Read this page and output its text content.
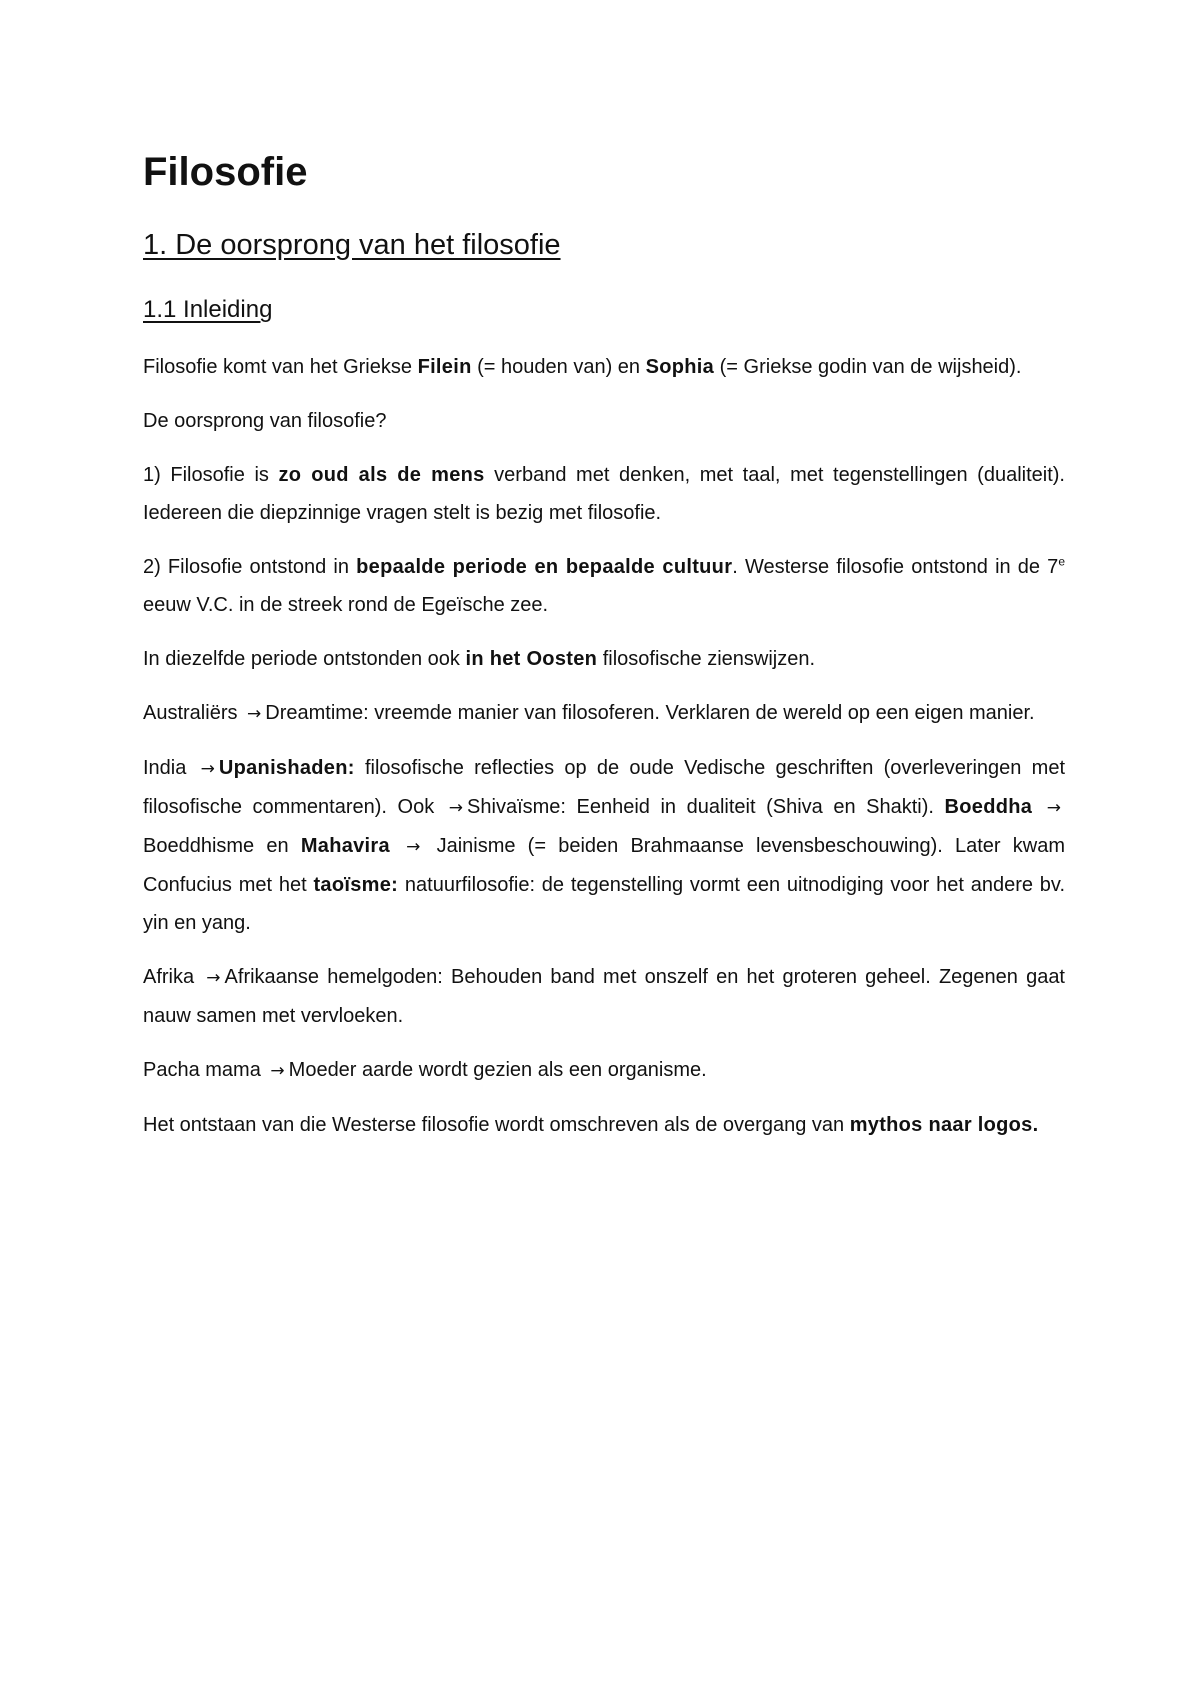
Filosofie
1. De oorsprong van het filosofie
1.1 Inleiding

Filosofie komt van het Griekse Filein (= houden van) en Sophia (= Griekse godin van de wijsheid).

De oorsprong van filosofie?

1) Filosofie is zo oud als de mens verband met denken, met taal, met tegenstellingen (dualiteit). Iedereen die diepzinnige vragen stelt is bezig met filosofie.

2) Filosofie ontstond in bepaalde periode en bepaalde cultuur. Westerse filosofie ontstond in de 7e eeuw V.C. in de streek rond de Egeïsche zee.

In diezelfde periode ontstonden ook in het Oosten filosofische zienswijzen.

Australiërs → Dreamtime: vreemde manier van filosoferen. Verklaren de wereld op een eigen manier.

India → Upanishaden: filosofische reflecties op de oude Vedische geschriften (overleveringen met filosofische commentaren). Ook → Shivaïsme: Eenheid in dualiteit (Shiva en Shakti). Boeddha → Boeddhisme en Mahavira → Jainisme (= beiden Brahmaanse levensbeschouwing). Later kwam Confucius met het taoïsme: natuurfilosofie: de tegenstelling vormt een uitnodiging voor het andere bv. yin en yang.

Afrika → Afrikaanse hemelgoden: Behouden band met onszelf en het groteren geheel. Zegenen gaat nauw samen met vervloeken.

Pacha mama → Moeder aarde wordt gezien als een organisme.

Het ontstaan van die Westerse filosofie wordt omschreven als de overgang van mythos naar logos.
